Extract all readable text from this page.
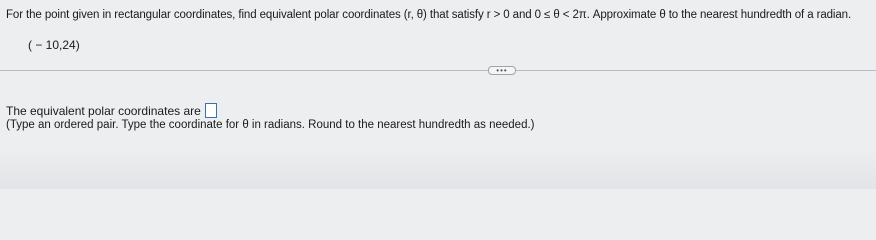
For the point given in rectangular coordinates, find equivalent polar coordinates (r, θ) that satisfy r > 0 and 0 ≤ θ < 2π. Approximate θ to the nearest hundredth of a radian.
( − 10,24)
•••
The equivalent polar coordinates are
(Type an ordered pair. Type the coordinate for θ in radians. Round to the nearest hundredth as needed.)
